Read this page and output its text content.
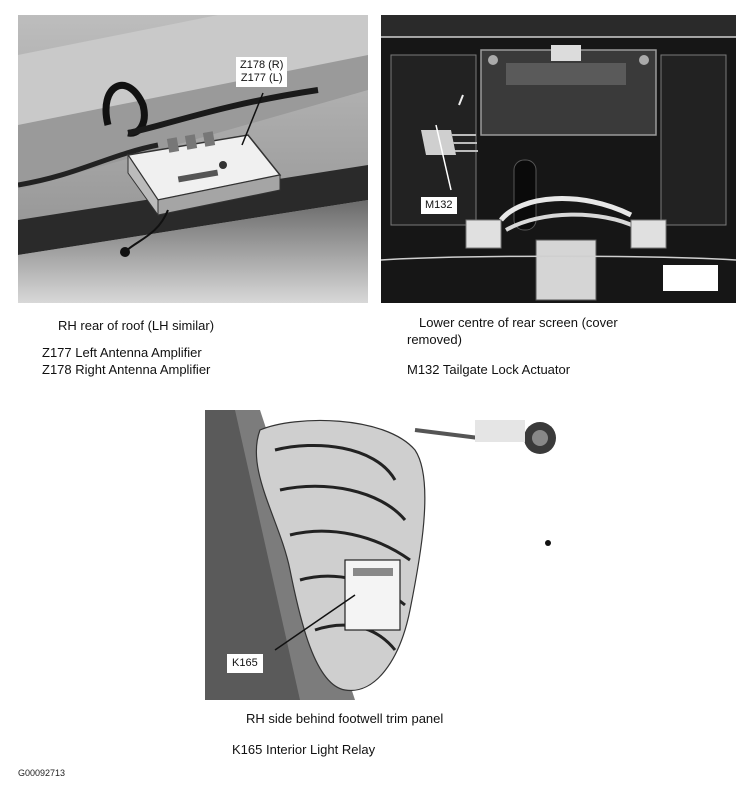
Z178 (R)
Z177 (L)
M132
K165
RH rear of roof (LH similar)
Z177 Left Antenna Amplifier
Z178 Right Antenna Amplifier
Lower centre of rear screen (cover
removed)
M132 Tailgate Lock Actuator
RH side behind footwell trim panel
K165 Interior Light Relay
G00092713
